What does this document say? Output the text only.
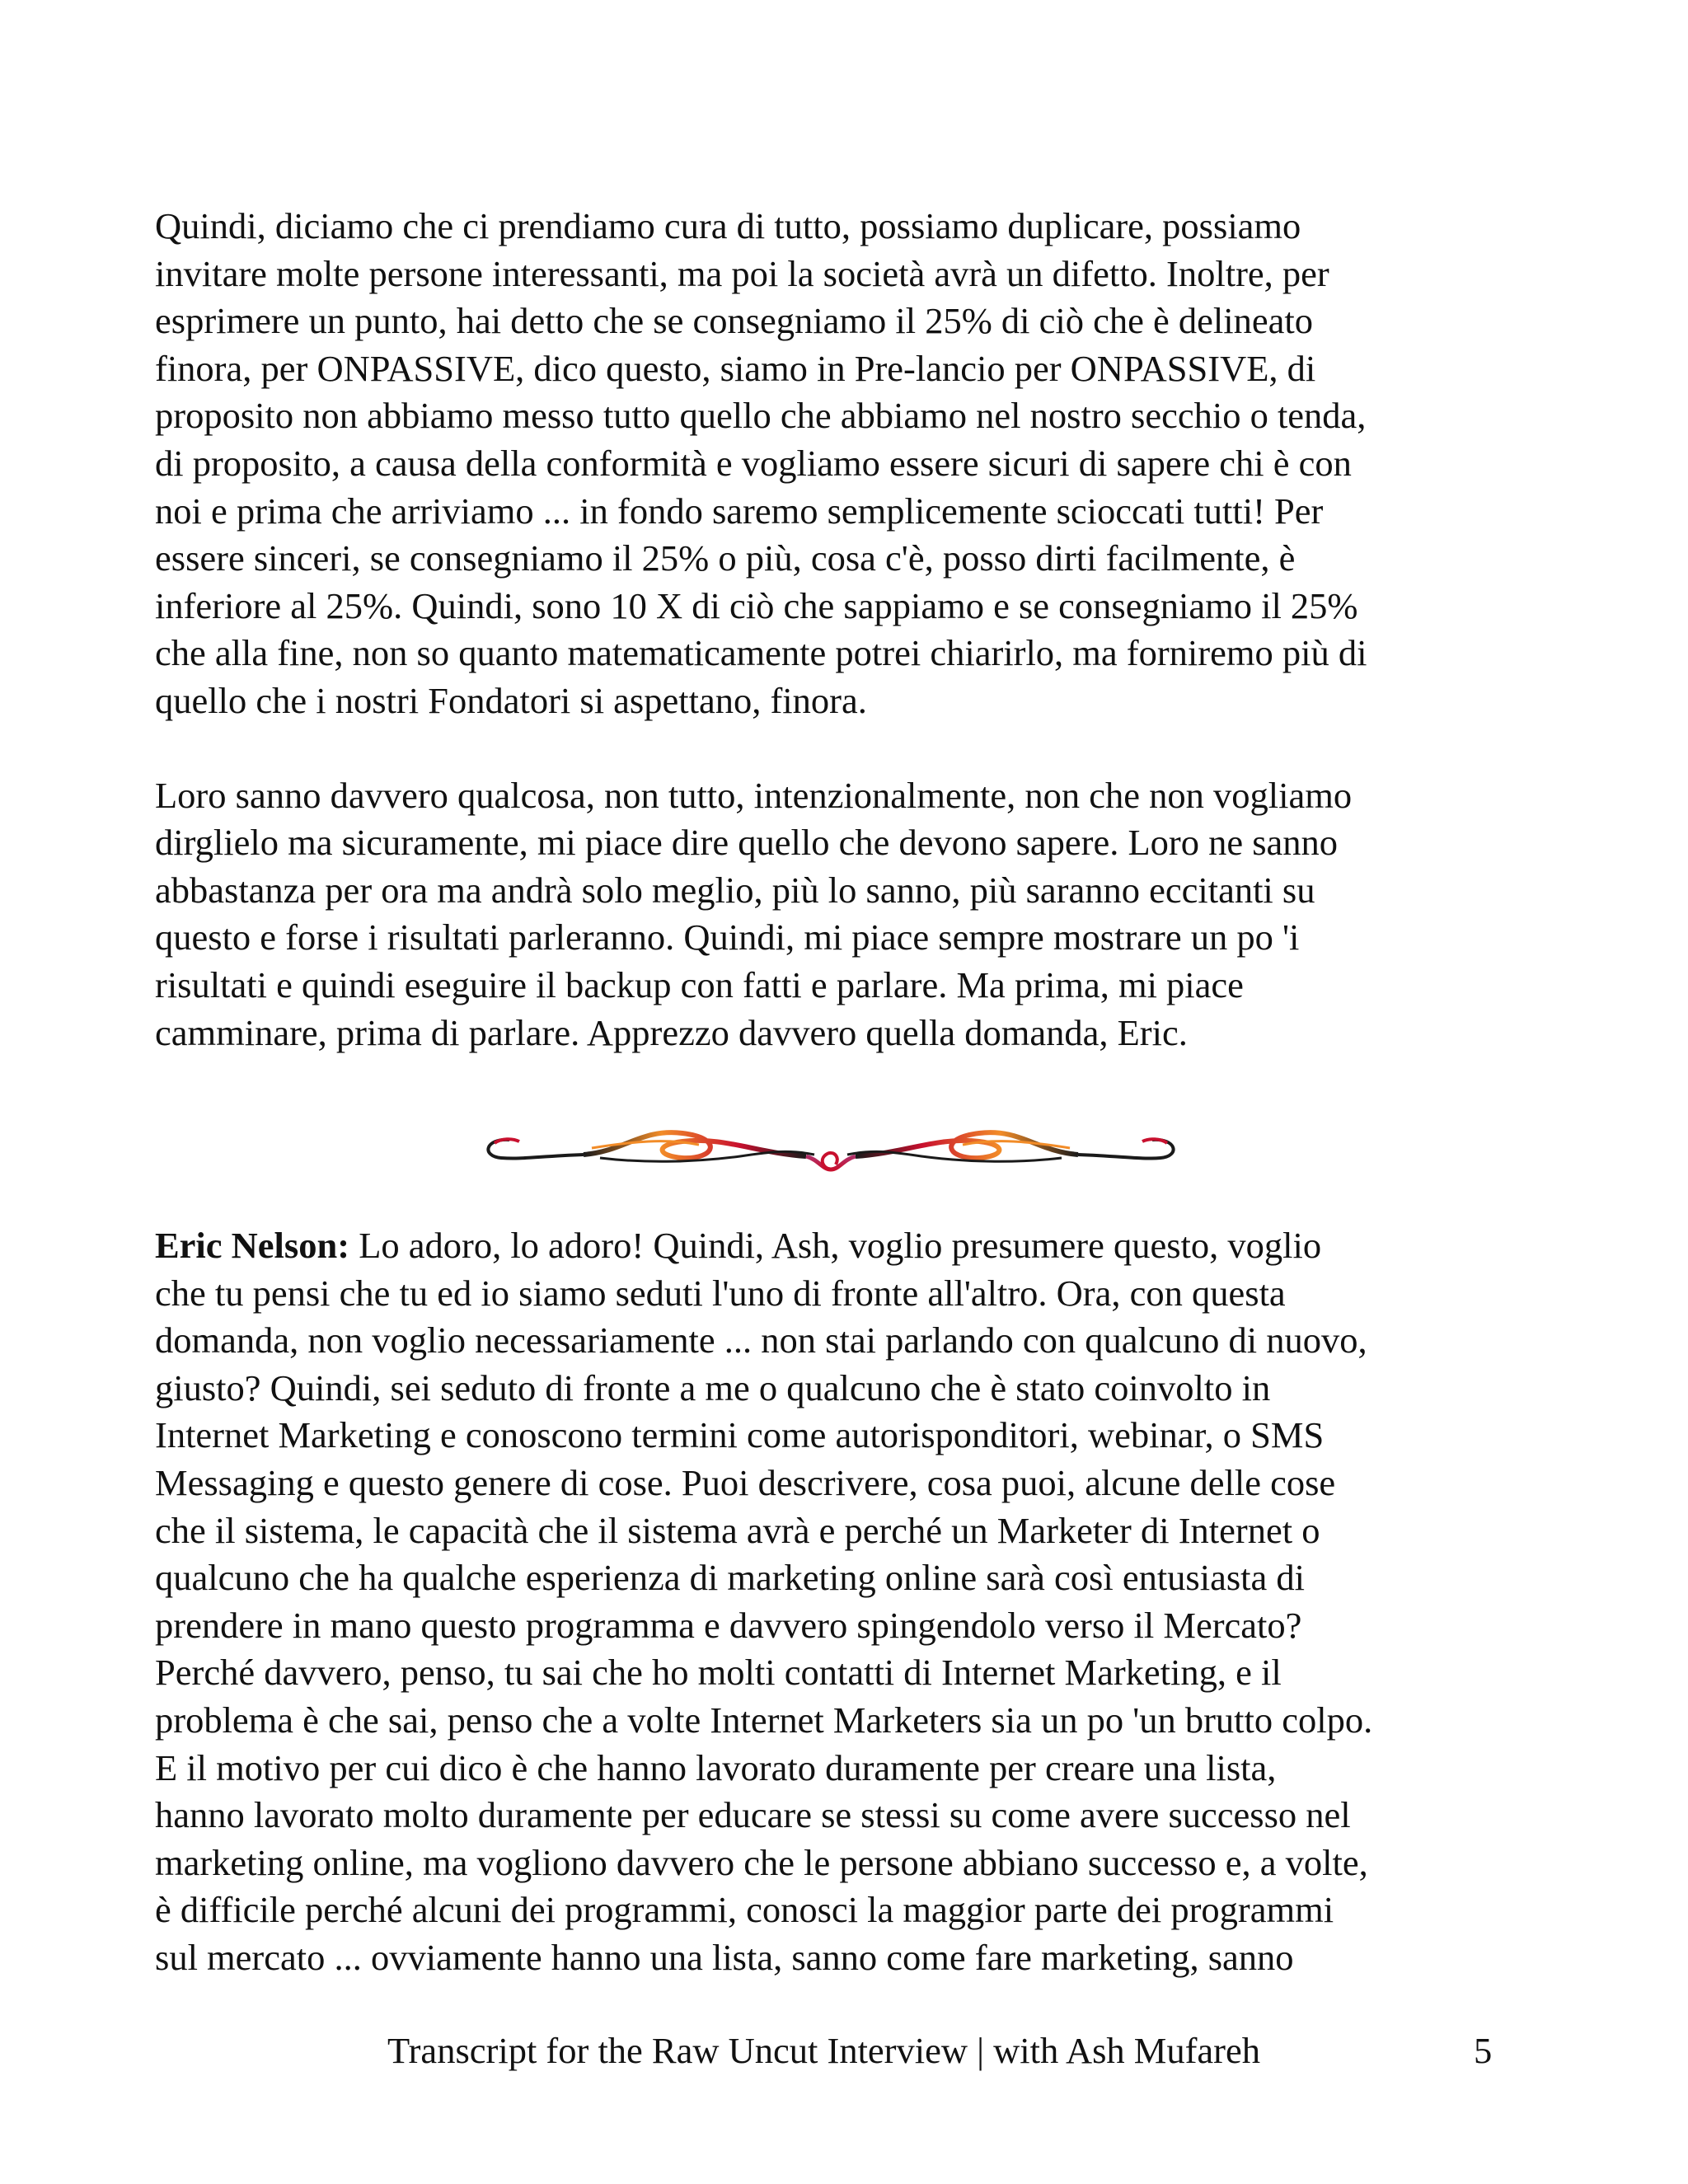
Quindi, diciamo che ci prendiamo cura di tutto, possiamo duplicare, possiamo
invitare molte persone interessanti, ma poi la società avrà un difetto. Inoltre, per
esprimere un punto, hai detto che se consegniamo il 25% di ciò che è delineato
finora, per ONPASSIVE, dico questo, siamo in Pre-lancio per ONPASSIVE, di
proposito non abbiamo messo tutto quello che abbiamo nel nostro secchio o tenda,
di proposito, a causa della conformità e vogliamo essere sicuri di sapere chi è con
noi e prima che arriviamo ... in fondo saremo semplicemente scioccati tutti! Per
essere sinceri, se consegniamo il 25% o più, cosa c'è, posso dirti facilmente, è
inferiore al 25%. Quindi, sono 10 X di ciò che sappiamo e se consegniamo il 25%
che alla fine, non so quanto matematicamente potrei chiarirlo, ma forniremo più di
quello che i nostri Fondatori si aspettano, finora.
Loro sanno davvero qualcosa, non tutto, intenzionalmente, non che non vogliamo
dirglielo ma sicuramente, mi piace dire quello che devono sapere. Loro ne sanno
abbastanza per ora ma andrà solo meglio, più lo sanno, più saranno eccitanti su
questo e forse i risultati parleranno. Quindi, mi piace sempre mostrare un po 'i
risultati e quindi eseguire il backup con fatti e parlare. Ma prima, mi piace
camminare, prima di parlare. Apprezzo davvero quella domanda, Eric.
Eric Nelson: Lo adoro, lo adoro! Quindi, Ash, voglio presumere questo, voglio
che tu pensi che tu ed io siamo seduti l'uno di fronte all'altro. Ora, con questa
domanda, non voglio necessariamente ... non stai parlando con qualcuno di nuovo,
giusto? Quindi, sei seduto di fronte a me o qualcuno che è stato coinvolto in
Internet Marketing e conoscono termini come autorisponditori, webinar, o SMS
Messaging e questo genere di cose. Puoi descrivere, cosa puoi, alcune delle cose
che il sistema, le capacità che il sistema avrà e perché un Marketer di Internet o
qualcuno che ha qualche esperienza di marketing online sarà così entusiasta di
prendere in mano questo programma e davvero spingendolo verso il Mercato?
Perché davvero, penso, tu sai che ho molti contatti di Internet Marketing, e il
problema è che sai, penso che a volte Internet Marketers sia un po 'un brutto colpo.
E il motivo per cui dico è che hanno lavorato duramente per creare una lista,
hanno lavorato molto duramente per educare se stessi su come avere successo nel
marketing online, ma vogliono davvero che le persone abbiano successo e, a volte,
è difficile perché alcuni dei programmi, conosci la maggior parte dei programmi
sul mercato ... ovviamente hanno una lista, sanno come fare marketing, sanno
Transcript for the Raw Uncut Interview | with Ash Mufareh	5
